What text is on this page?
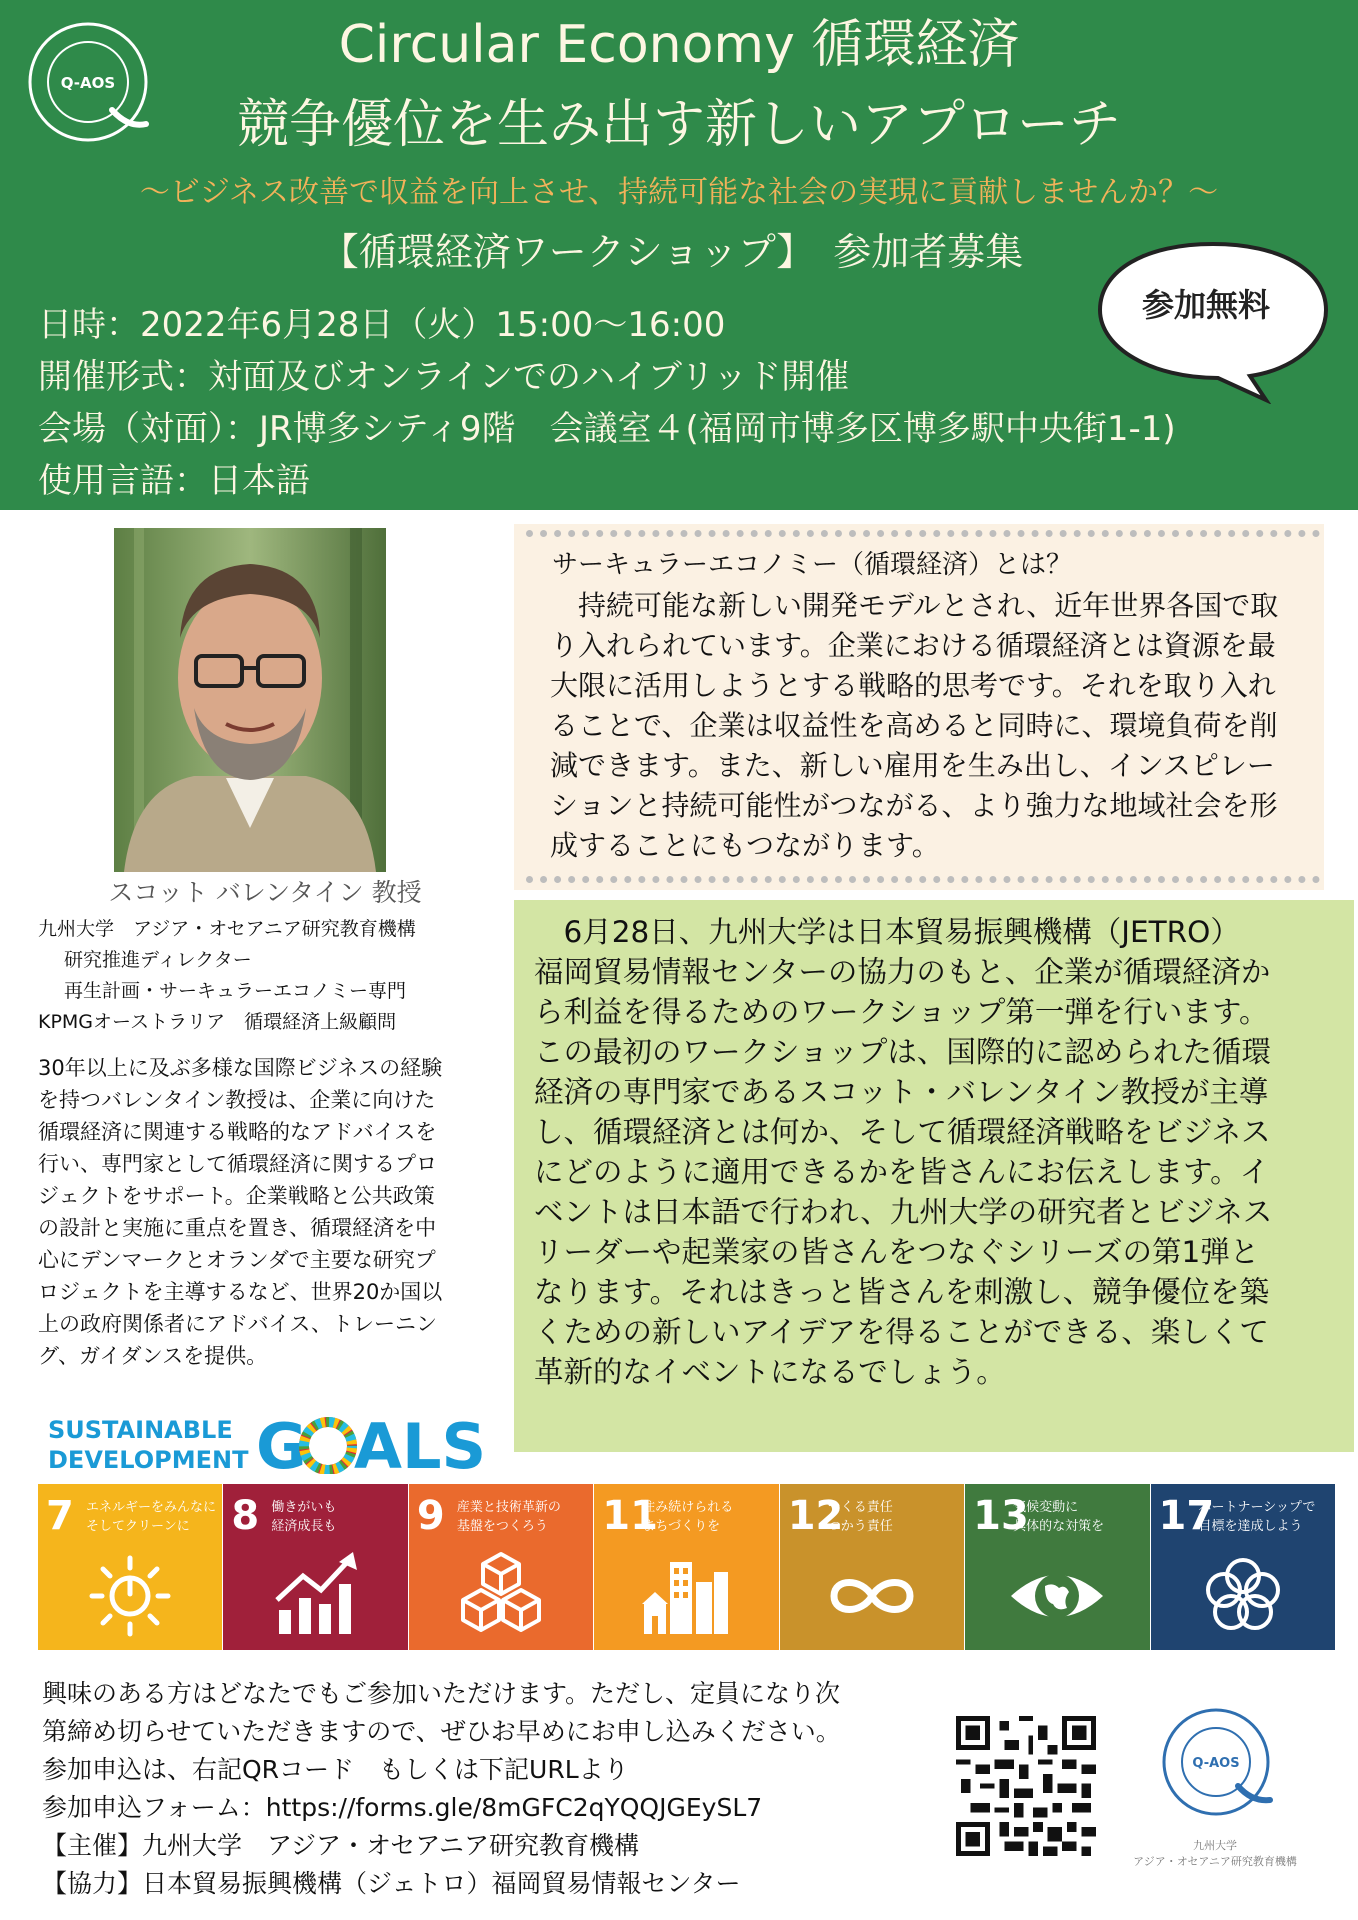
Q-AOS
Circular Economy 循環経済
競争優位を生み出す新しいアプローチ
～ビジネス改善で収益を向上させ、持続可能な社会の実現に貢献しませんか？～
【循環経済ワークショップ】　参加者募集
日時：2022年6月28日（火）15:00～16:00
開催形式：対面及びオンラインでのハイブリッド開催
会場（対面）：JR博多シティ9階　会議室４(福岡市博多区博多駅中央街1-1)
使用言語：日本語
参加無料
スコット バレンタイン 教授
九州大学　アジア・オセアニア研究教育機構
研究推進ディレクター
再生計画・サーキュラーエコノミー専門
KPMGオーストラリア　循環経済上級顧問
30年以上に及ぶ多様な国際ビジネスの経験
を持つバレンタイン教授は、企業に向けた
循環経済に関連する戦略的なアドバイスを
行い、専門家として循環経済に関するプロ
ジェクトをサポート。企業戦略と公共政策
の設計と実施に重点を置き、循環経済を中
心にデンマークとオランダで主要な研究プ
ロジェクトを主導するなど、世界20か国以
上の政府関係者にアドバイス、トレーニン
グ、ガイダンスを提供。
SUSTAINABLE
DEVELOPMENT G ALS
サーキュラーエコノミー（循環経済）とは？
　持続可能な新しい開発モデルとされ、近年世界各国で取
り入れられています。企業における循環経済とは資源を最
大限に活用しようとする戦略的思考です。それを取り入れ
ることで、企業は収益性を高めると同時に、環境負荷を削
減できます。また、新しい雇用を生み出し、インスピレー
ションと持続可能性がつながる、より強力な地域社会を形
成することにもつながります。
　6月28日、九州大学は日本貿易振興機構（JETRO）
福岡貿易情報センターの協力のもと、企業が循環経済か
ら利益を得るためのワークショップ第一弾を行います。
この最初のワークショップは、国際的に認められた循環
経済の専門家であるスコット・バレンタイン教授が主導
し、循環経済とは何か、そして循環経済戦略をビジネス
にどのように適用できるかを皆さんにお伝えします。イ
ベントは日本語で行われ、九州大学の研究者とビジネス
リーダーや起業家の皆さんをつなぐシリーズの第1弾と
なります。それはきっと皆さんを刺激し、競争優位を築
くための新しいアイデアを得ることができる、楽しくて
革新的なイベントになるでしょう。
7 エネルギーをみんなに
そしてクリーンに	8 働きがいも
経済成長も 9 産業と技術革新の
基盤をつくろう	11
住み続けられる
まちづくりを	12
つくる責任
つかう責任 13
気候変動に
具体的な対策を 17
パートナーシップで
目標を達成しよう
興味のある方はどなたでもご参加いただけます。ただし、定員になり次
第締め切らせていただきますので、ぜひお早めにお申し込みください。
参加申込は、右記QRコード　もしくは下記URLより
参加申込フォーム：https://forms.gle/8mGFC2qYQQJGEySL7
【主催】九州大学　アジア・オセアニア研究教育機構
【協力】日本貿易振興機構（ジェトロ）福岡貿易情報センター
Q-AOS
九州大学
アジア・オセアニア研究教育機構
